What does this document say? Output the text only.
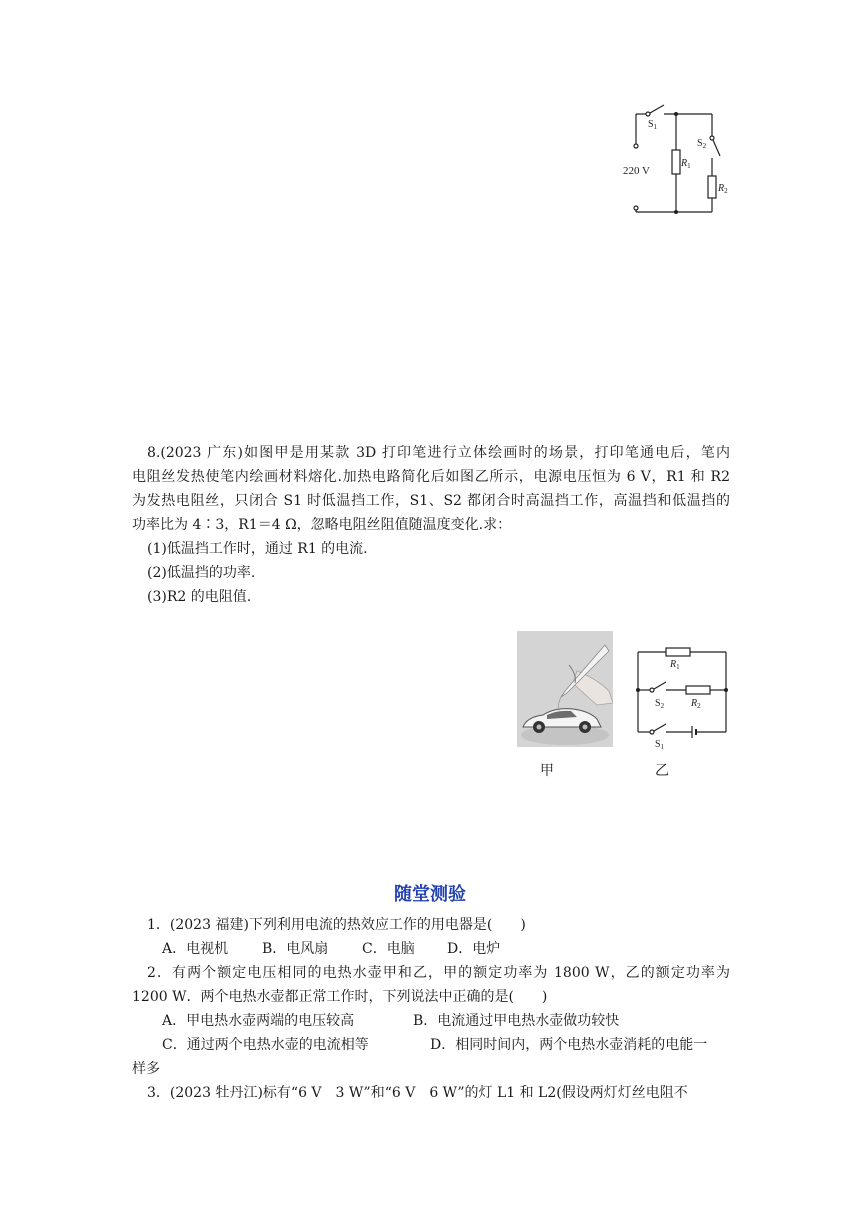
$S_1$
$S_2$
220 V
$R_1$
$R_2$
8.(2023 广东)如图甲是用某款 3D 打印笔进行立体绘画时的场景，打印笔通电后，笔内
电阻丝发热使笔内绘画材料熔化.加热电路简化后如图乙所示，电源电压恒为 6 V，R1 和 R2
为发热电阻丝，只闭合 S1 时低温挡工作，S1、S2 都闭合时高温挡工作，高温挡和低温挡的
功率比为 4∶3，R1＝4 Ω，忽略电阻丝阻值随温度变化.求：
(1)低温挡工作时，通过 R1 的电流.
(2)低温挡的功率.
(3)R2 的电阻值.
$R_1$
$S_2$	$R_2$
$S_1$
甲	乙
随堂测验
1．(2023 福建)下列利用电流的热效应工作的用电器是(　　)
A．电视机 B．电风扇 C．电脑 D．电炉
2．有两个额定电压相同的电热水壶甲和乙，甲的额定功率为 1800 W，乙的额定功率为
1200 W．两个电热水壶都正常工作时，下列说法中正确的是(　　)
A．甲电热水壶两端的电压较高	B．电流通过甲电热水壶做功较快
C．通过两个电热水壶的电流相等	D．相同时间内，两个电热水壶消耗的电能一
样多
3．(2023 牡丹江)标有“6 V　3 W”和“6 V　6 W”的灯 L1 和 L2(假设两灯灯丝电阻不
